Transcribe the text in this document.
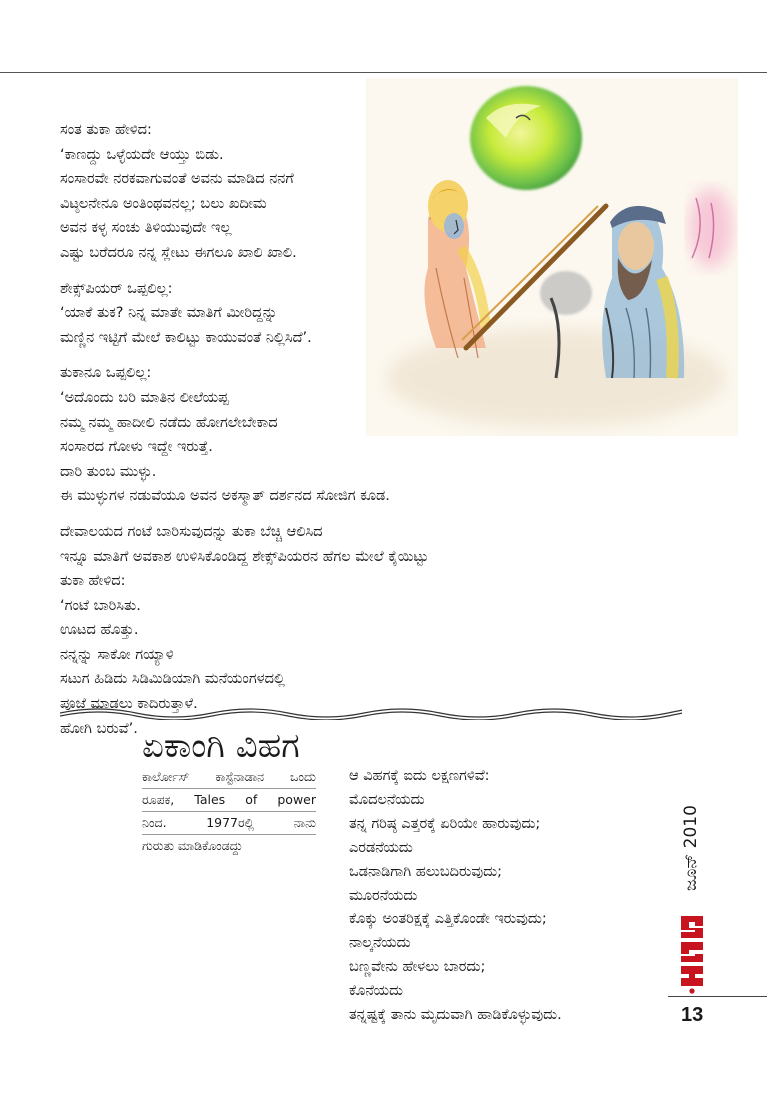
ಸಂತ ತುಕಾ ಹೇಳಿದ:

‘ಕಾಣದ್ದು ಒಳ್ಳೆಯದೇ ಆಯ್ತು ಬಿಡು.

ಸಂಸಾರವೇ ನರಕವಾಗುವಂತೆ ಅವನು ಮಾಡಿದ ನನಗೆ

ವಿಟ್ಠಲನೇನೂ ಅಂತಿಂಥವನಲ್ಲ; ಬಲು ಖದೀಮ

ಅವನ ಕಳ್ಳ ಸಂಚು ತಿಳಿಯುವುದೇ ಇಲ್ಲ

ಎಷ್ಟು ಬರೆದರೂ ನನ್ನ ಸ್ಲೇಟು ಈಗಲೂ ಖಾಲಿ ಖಾಲಿ.

ಶೇಕ್ಸ್‌ಪಿಯರ್ ಒಪ್ಪಲಿಲ್ಲ:

‘ಯಾಕೆ ತುಕ? ನಿನ್ನ ಮಾತೇ ಮಾತಿಗೆ ಮೀರಿದ್ದನ್ನು

ಮಣ್ಣಿನ ಇಟ್ಟಿಗೆ ಮೇಲೆ ಕಾಲಿಟ್ಟು ಕಾಯುವಂತೆ ನಿಲ್ಲಿಸಿದೆ’.

ತುಕಾನೂ ಒಪ್ಪಲಿಲ್ಲ:

‘ಅದೊಂದು ಬರಿ ಮಾತಿನ ಲೀಲೆಯಪ್ಪ

ನಮ್ಮ ನಮ್ಮ ಹಾದೀಲಿ ನಡೆದು ಹೋಗಲೇಬೇಕಾದ

ಸಂಸಾರದ ಗೋಳು ಇದ್ದೇ ಇರುತ್ತೆ.

ದಾರಿ ತುಂಬ ಮುಳ್ಳು.

ಈ ಮುಳ್ಳುಗಳ ನಡುವೆಯೂ ಅವನ ಅಕಸ್ಮಾತ್ ದರ್ಶನದ ಸೋಜಿಗ ಕೂಡ.

ದೇವಾಲಯದ ಗಂಟೆ ಬಾರಿಸುವುದನ್ನು ತುಕಾ ಬೆಚ್ಚಿ ಆಲಿಸಿದ

ಇನ್ನೂ ಮಾತಿಗೆ ಅವಕಾಶ ಉಳಿಸಿಕೊಂಡಿದ್ದ ಶೇಕ್ಸ್‌ಪಿಯರನ ಹೆಗಲ ಮೇಲೆ ಕೈಯಿಟ್ಟು

ತುಕಾ ಹೇಳಿದ:

‘ಗಂಟೆ ಬಾರಿಸಿತು.

ಊಟದ ಹೊತ್ತು.

ನನ್ನನ್ನು ಸಾಕೋ ಗಯ್ಯಾಳಿ

ಸಟುಗ ಹಿಡಿದು ಸಿಡಿಮಿಡಿಯಾಗಿ ಮನೆಯಂಗಳದಲ್ಲಿ

ಪೂಜೆ ಮಾಡಲು ಕಾದಿರುತ್ತಾಳೆ.

ಹೋಗಿ ಬರುವೆ’. ಏಕಾಂಗಿ ವಿಹಗ
ಕಾರ್ಲೋಸ್ ಕಾಸ್ಟೆನಾಡಾನ ಒಂದು
ರೂಪಕ, Tales of power
ನಿಂದ.	1977ರಲ್ಲಿ	ನಾನು
ಗುರುತು ಮಾಡಿಕೊಂಡದ್ದು

ಆ ವಿಹಗಕ್ಕೆ ಐದು ಲಕ್ಷಣಗಳಿವೆ:

ಮೊದಲನೆಯದು

ತನ್ನ ಗರಿಷ್ಠ ಎತ್ತರಕ್ಕೆ ಏರಿಯೇ ಹಾರುವುದು;

ಎರಡನೆಯದು

ಒಡನಾಡಿಗಾಗಿ ಹಲುಬದಿರುವುದು;

ಮೂರನೆಯದು

ಕೊಕ್ಕು ಅಂತರಿಕ್ಷಕ್ಕೆ ಎತ್ತಿಕೊಂಡೇ ಇರುವುದು;

ನಾಲ್ಕನೆಯದು

ಬಣ್ಣವೇನು ಹೇಳಲು ಬಾರದು;

ಕೊನೆಯದು

ತನ್ನಷ್ಟಕ್ಕೆ ತಾನು ಮೃದುವಾಗಿ ಹಾಡಿಕೊಳ್ಳುವುದು.

ಜೂನ್ 2010
13
